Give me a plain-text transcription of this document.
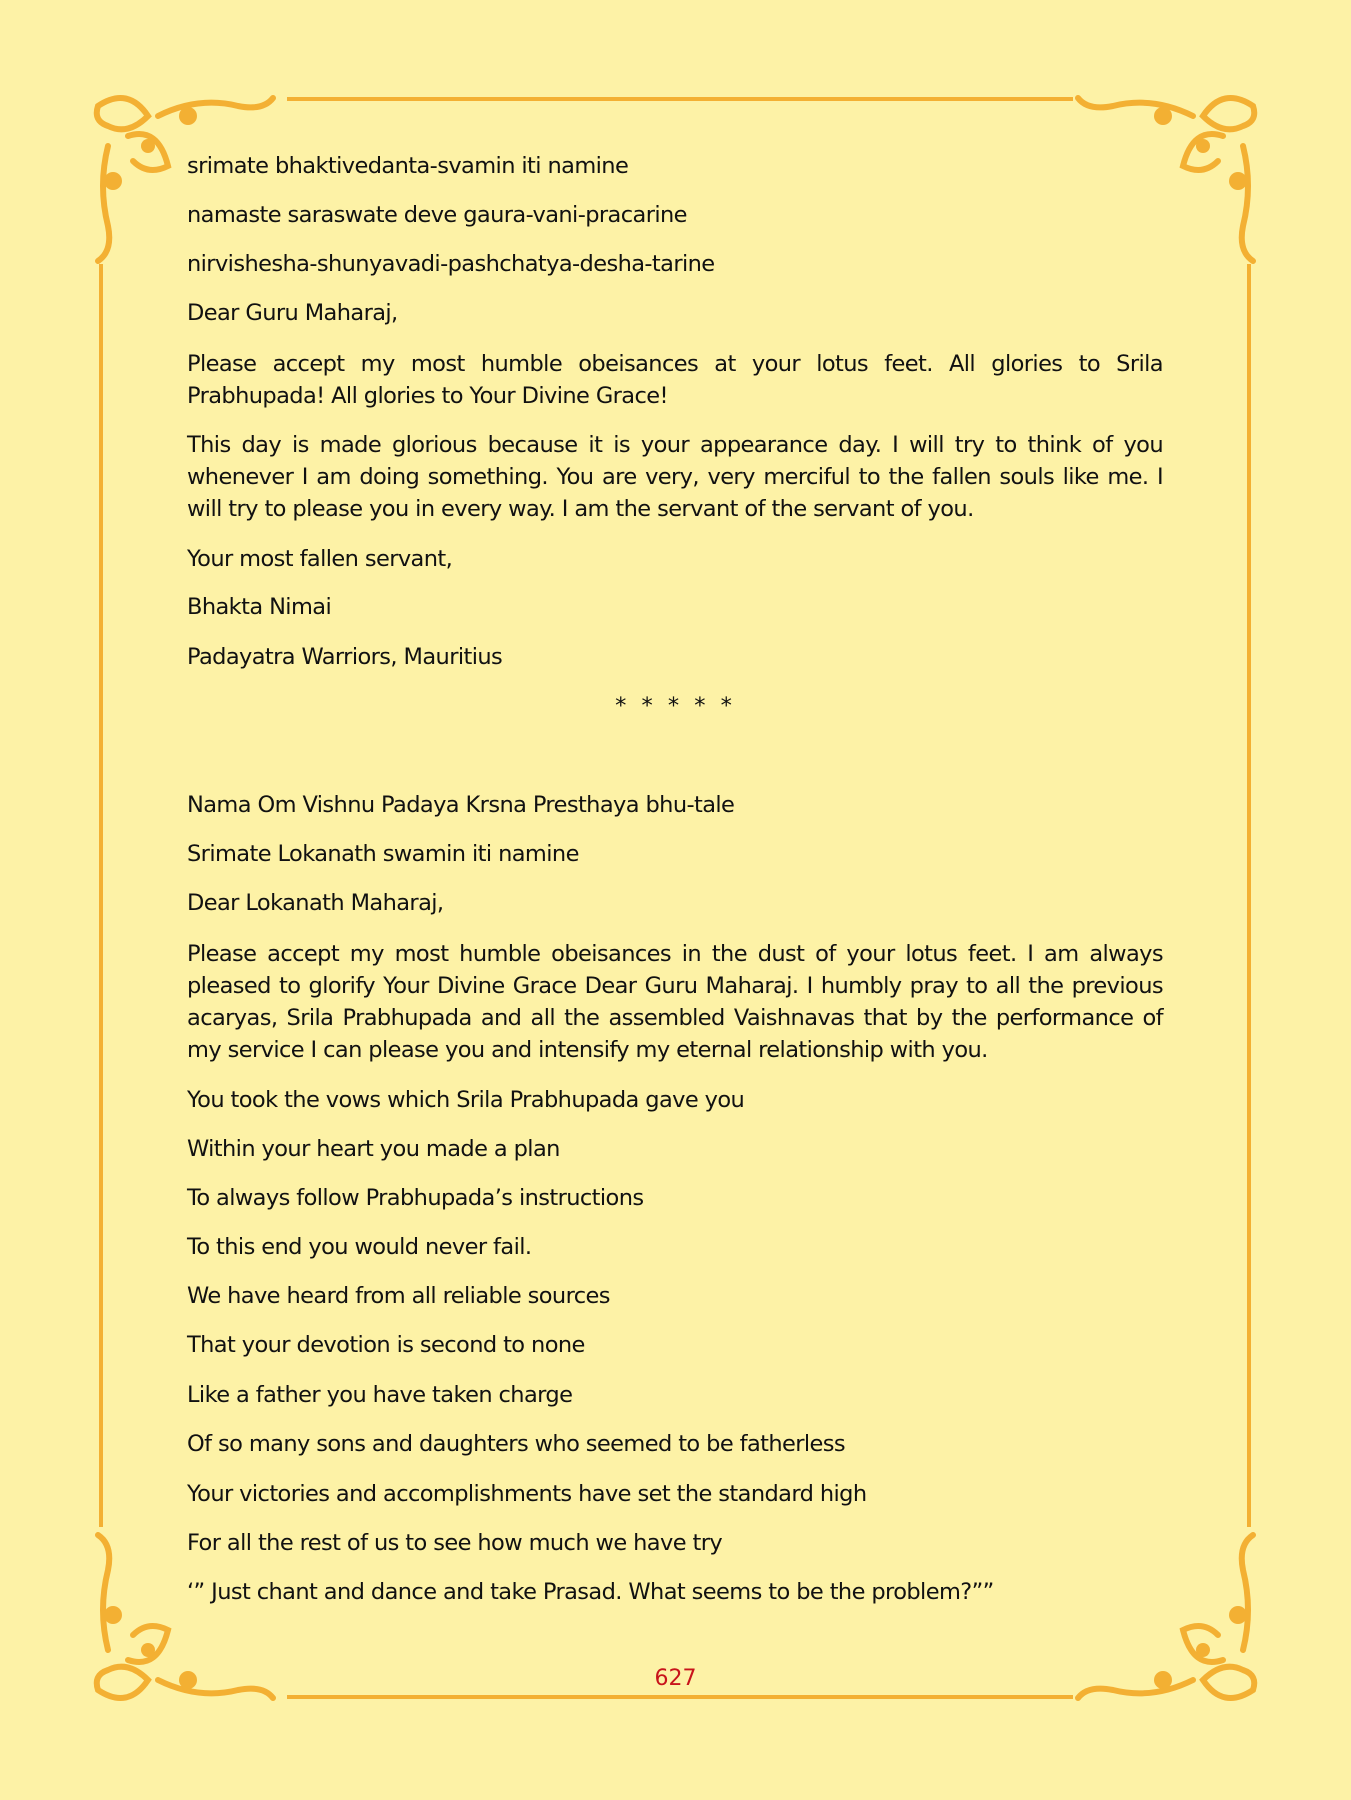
srimate bhaktivedanta-svamin iti namine
namaste saraswate deve gaura-vani-pracarine
nirvishesha-shunyavadi-pashchatya-desha-tarine
Dear Guru Maharaj,
Please accept my most humble obeisances at your lotus feet. All glories to Srila Prabhupada! All glories to Your Divine Grace!
This day is made glorious because it is your appearance day. I will try to think of you whenever I am doing something. You are very, very merciful to the fallen souls like me. I will try to please you in every way. I am the servant of the servant of you.
Your most fallen servant,
Bhakta Nimai
Padayatra Warriors, Mauritius
* * * * *
Nama Om Vishnu Padaya Krsna Presthaya bhu-tale
Srimate Lokanath swamin iti namine
Dear Lokanath Maharaj,
Please accept my most humble obeisances in the dust of your lotus feet. I am always pleased to glorify Your Divine Grace Dear Guru Maharaj. I humbly pray to all the previous acaryas, Srila Prabhupada and all the assembled Vaishnavas that by the performance of my service I can please you and intensify my eternal relationship with you.
You took the vows which Srila Prabhupada gave you
Within your heart you made a plan
To always follow Prabhupada’s instructions
To this end you would never fail.
We have heard from all reliable sources
That your devotion is second to none
Like a father you have taken charge
Of so many sons and daughters who seemed to be fatherless
Your victories and accomplishments have set the standard high
For all the rest of us to see how much we have try
‘” Just chant and dance and take Prasad. What seems to be the problem?””
627
